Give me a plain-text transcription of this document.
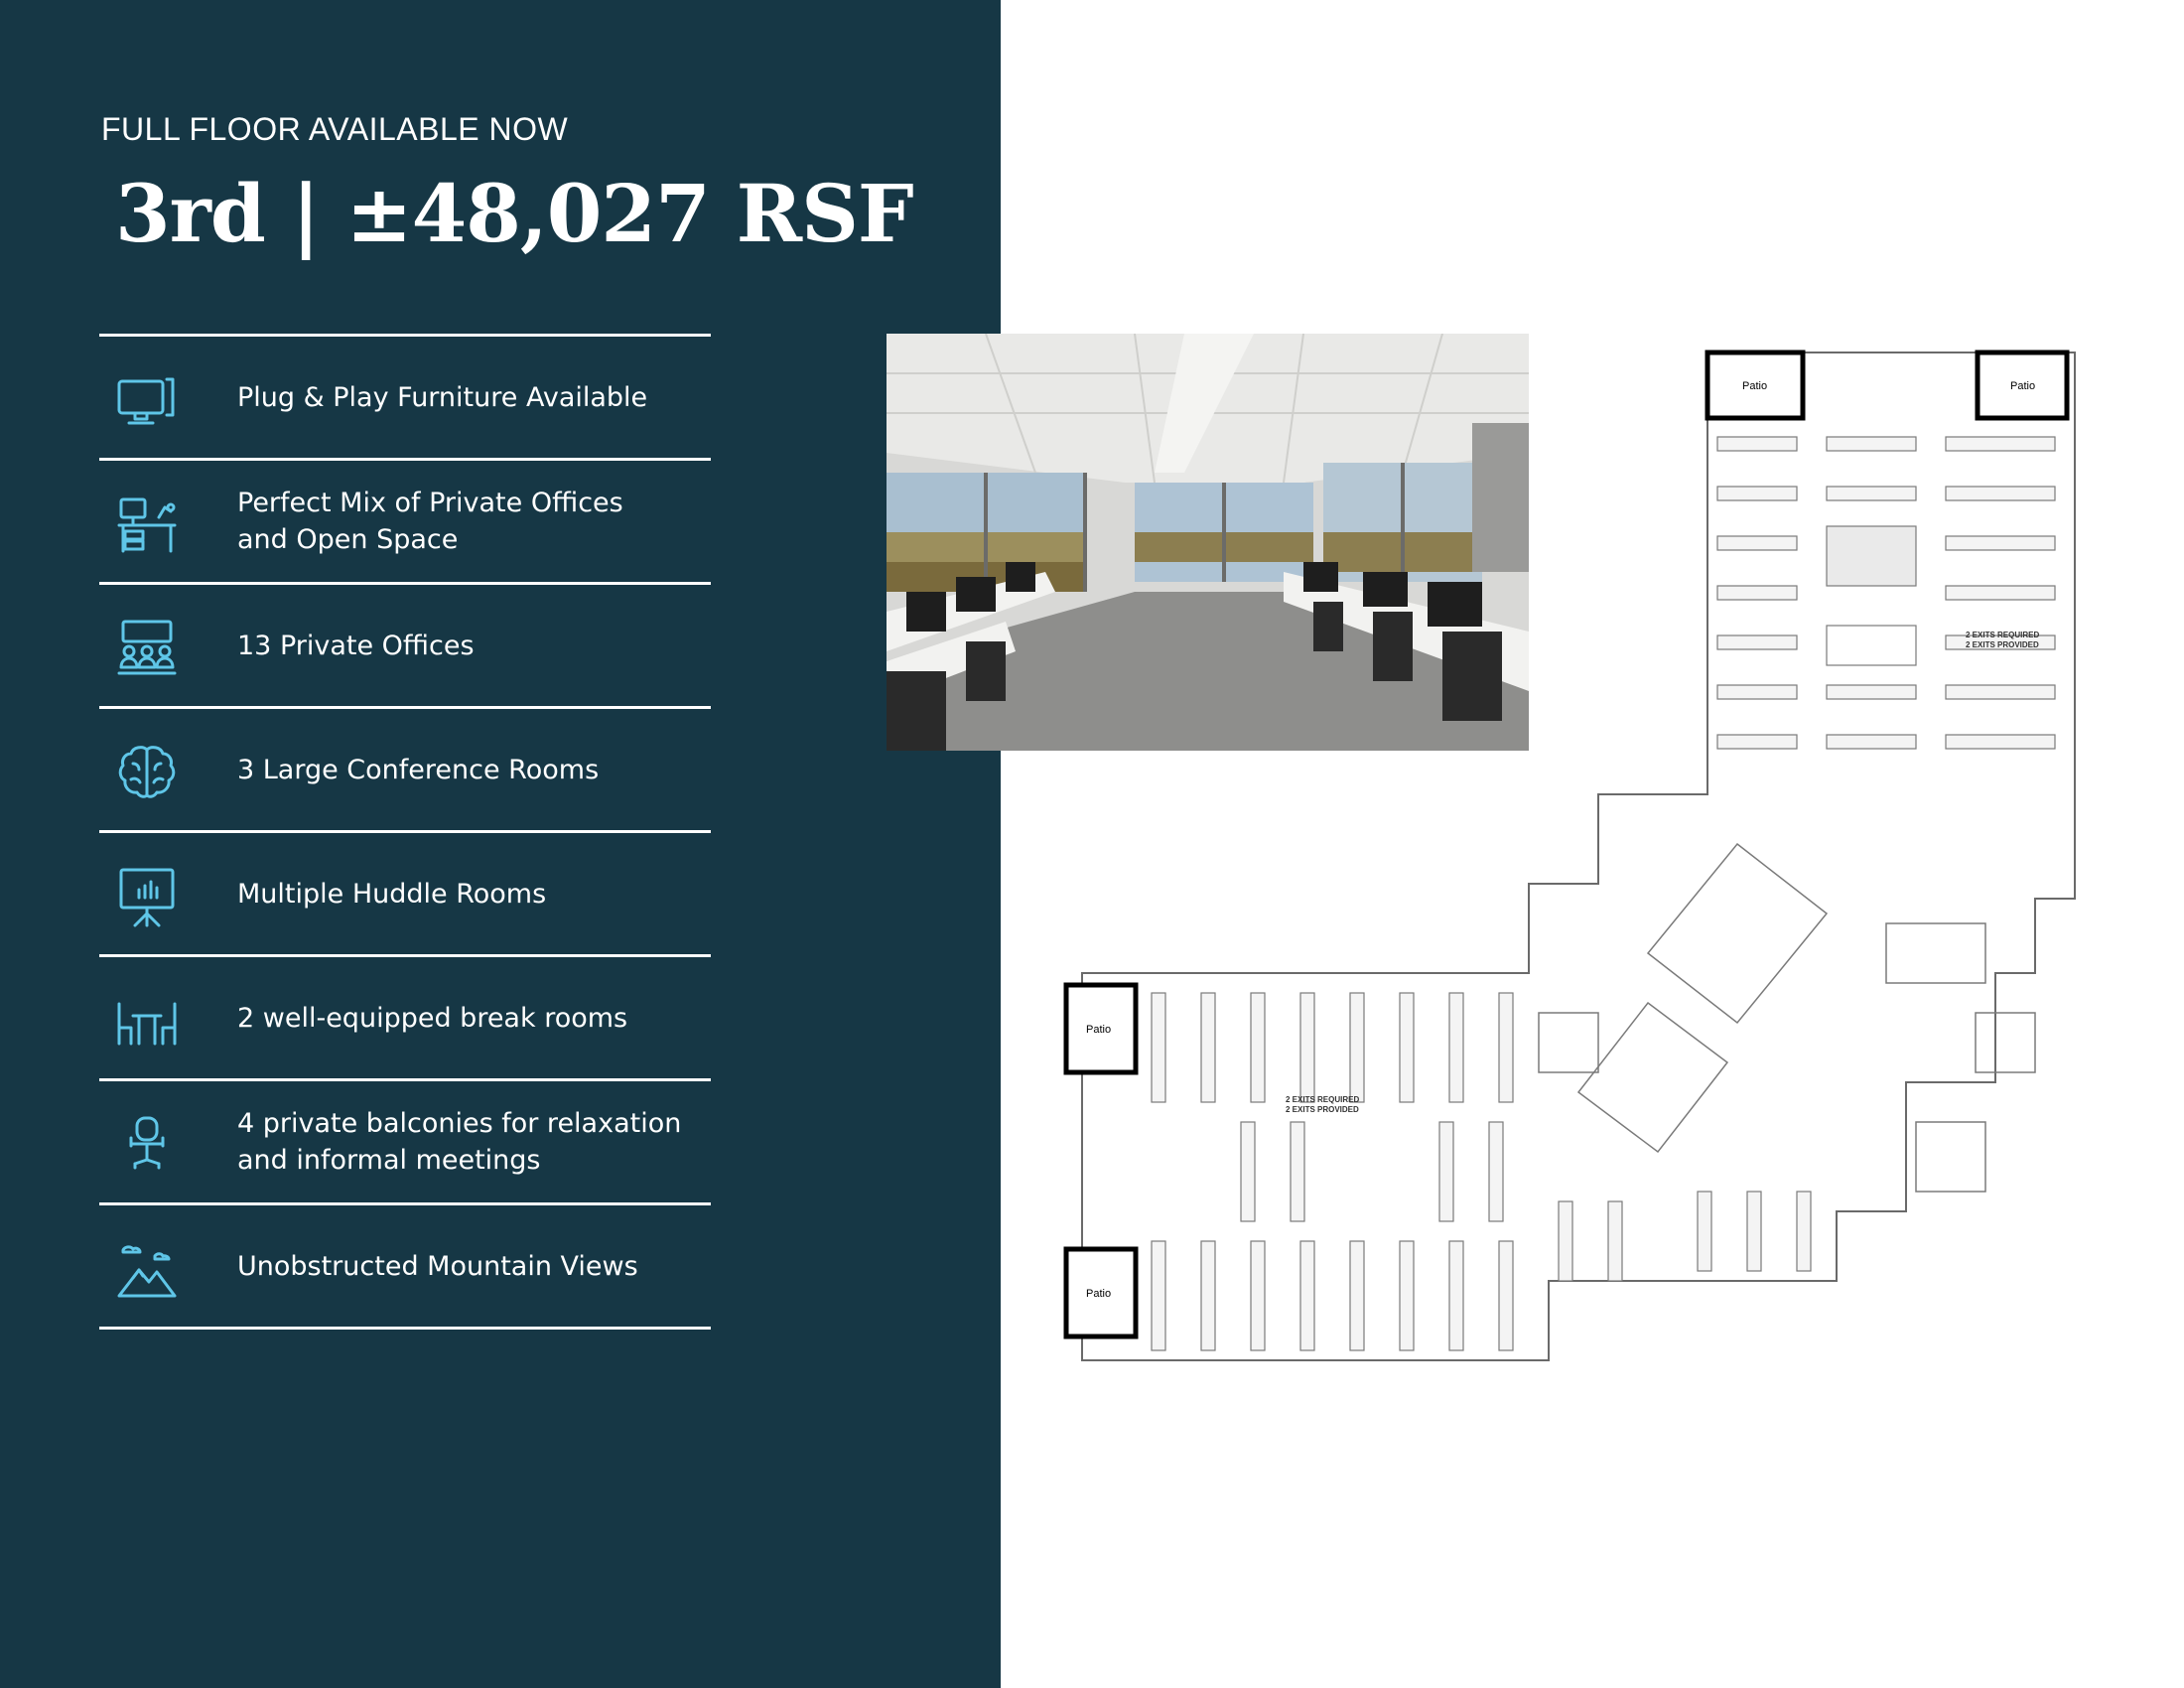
FULL FLOOR AVAILABLE NOW
3rd | ±48,027 RSF
Plug & Play Furniture Available
Perfect Mix of Private Offices
and Open Space
13 Private Offices
3 Large Conference Rooms
Multiple Huddle Rooms
2 well-equipped break rooms
4 private balconies for relaxation
and informal meetings
Unobstructed Mountain Views
Patio	Patio
Patio
Patio
2 EXITS REQUIRED
2 EXITS PROVIDED
2 EXITS REQUIRED
2 EXITS PROVIDED
